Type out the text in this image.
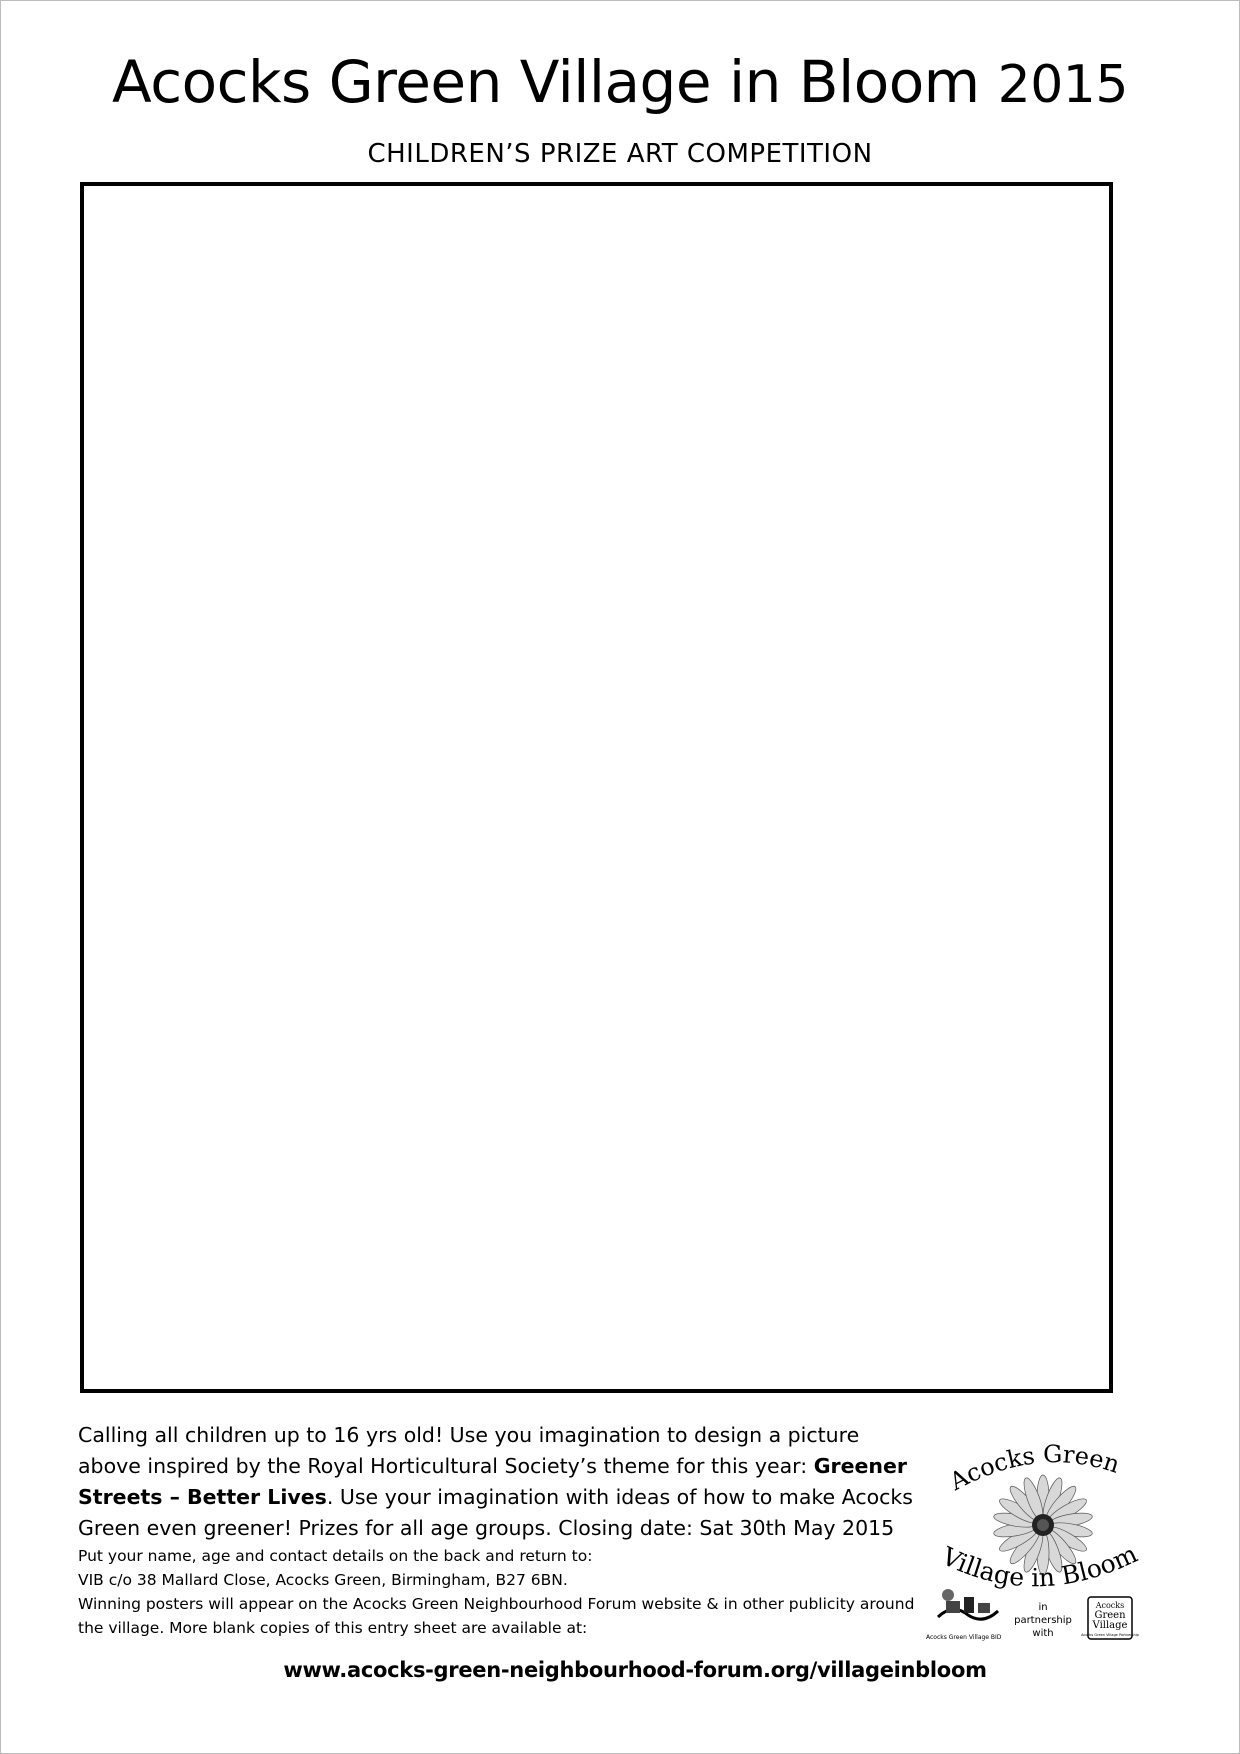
Acocks Green Village in Bloom 2015
CHILDREN’S PRIZE ART COMPETITION

Calling all children up to 16 yrs old! Use you imagination to design a picture above inspired by the Royal Horticultural Society’s theme for this year: Greener Streets – Better Lives. Use your imagination with ideas of how to make Acocks Green even greener! Prizes for all age groups. Closing date: Sat 30th May 2015

Put your name, age and contact details on the back and return to:

VIB c/o 38 Mallard Close, Acocks Green, Birmingham, B27 6BN.

Winning posters will appear on the Acocks Green Neighbourhood Forum website & in other publicity around the village. More blank copies of this entry sheet are available at:

www.acocks-green-neighbourhood-forum.org/villageinbloom
Acocks Green
Village in Bloom
Acocks Green Village BID
in
partnership
with
Acocks
Green
Village
Acocks Green Village Partnership
